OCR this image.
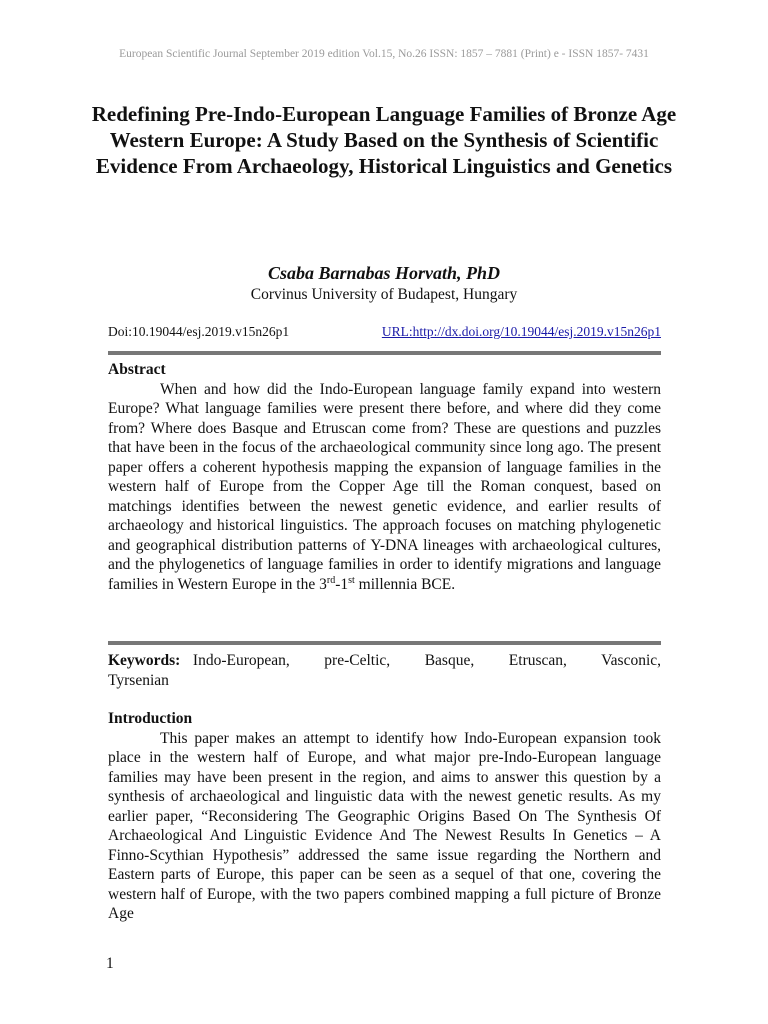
European Scientific Journal September 2019 edition Vol.15, No.26 ISSN: 1857 – 7881 (Print) e - ISSN 1857- 7431
Redefining Pre-Indo-European Language Families of Bronze Age Western Europe: A Study Based on the Synthesis of Scientific Evidence From Archaeology, Historical Linguistics and Genetics
Csaba Barnabas Horvath, PhD
Corvinus University of Budapest, Hungary
Doi:10.19044/esj.2019.v15n26p1	URL:http://dx.doi.org/10.19044/esj.2019.v15n26p1
Abstract

When and how did the Indo-European language family expand into western Europe? What language families were present there before, and where did they come from? Where does Basque and Etruscan come from? These are questions and puzzles that have been in the focus of the archaeological community since long ago. The present paper offers a coherent hypothesis mapping the expansion of language families in the western half of Europe from the Copper Age till the Roman conquest, based on matchings identifies between the newest genetic evidence, and earlier results of archaeology and historical linguistics. The approach focuses on matching phylogenetic and geographical distribution patterns of Y-DNA lineages with archaeological cultures, and the phylogenetics of language families in order to identify migrations and language families in Western Europe in the 3rd-1st millennia BCE.

Keywords: Indo-European, pre-Celtic, Basque, Etruscan, Vasconic, Tyrsenian
Introduction

This paper makes an attempt to identify how Indo-European expansion took place in the western half of Europe, and what major pre-Indo-European language families may have been present in the region, and aims to answer this question by a synthesis of archaeological and linguistic data with the newest genetic results. As my earlier paper, “Reconsidering The Geographic Origins Based On The Synthesis Of Archaeological And Linguistic Evidence And The Newest Results In Genetics – A Finno-Scythian Hypothesis” addressed the same issue regarding the Northern and Eastern parts of Europe, this paper can be seen as a sequel of that one, covering the western half of Europe, with the two papers combined mapping a full picture of Bronze Age

1
